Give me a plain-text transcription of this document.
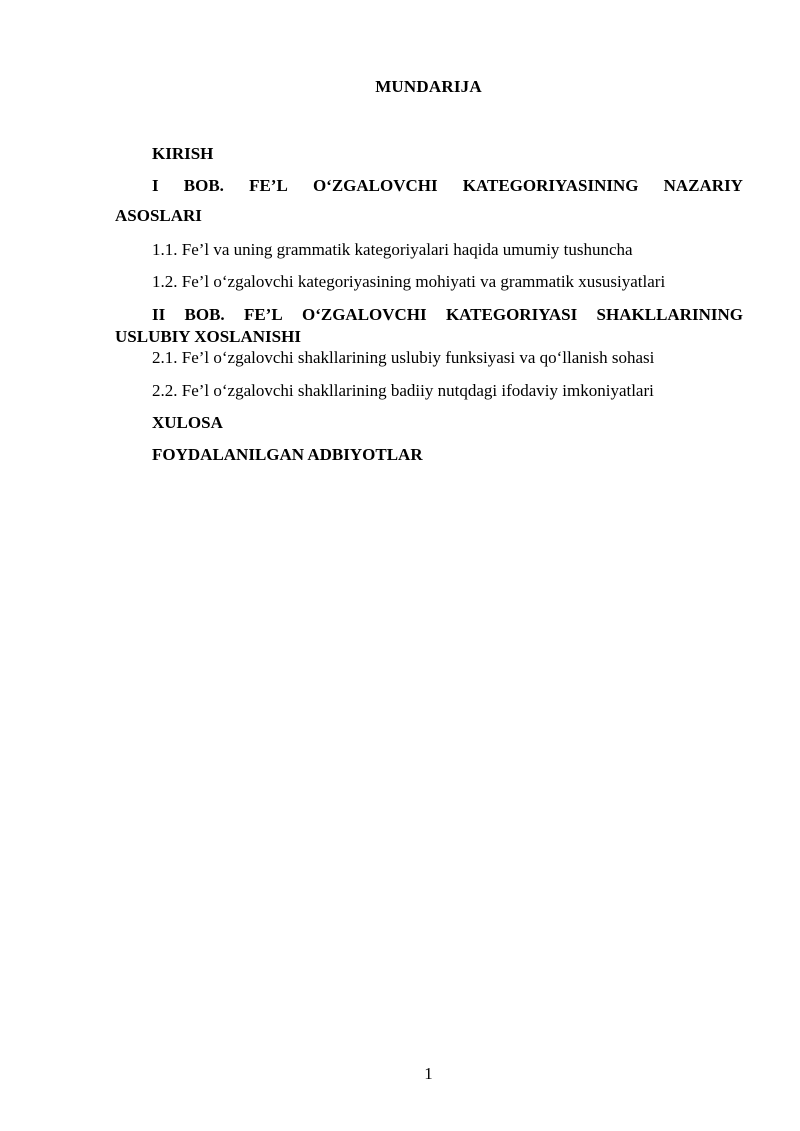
MUNDARIJA
KIRISH
I BOB. FE’L O‘ZGALOVCHI KATEGORIYASINING NAZARIY
ASOSLARI
1.1. Fe’l va uning grammatik kategoriyalari haqida umumiy tushuncha
1.2. Fe’l o‘zgalovchi kategoriyasining mohiyati va grammatik xususiyatlari
II BOB. FE’L O‘ZGALOVCHI KATEGORIYASI SHAKLLARINING
USLUBIY XOSLANISHI
2.1. Fe’l o‘zgalovchi shakllarining uslubiy funksiyasi va qo‘llanish sohasi
2.2. Fe’l o‘zgalovchi shakllarining badiiy nutqdagi ifodaviy imkoniyatlari
XULOSA
FOYDALANILGAN ADBIYOTLAR
1
